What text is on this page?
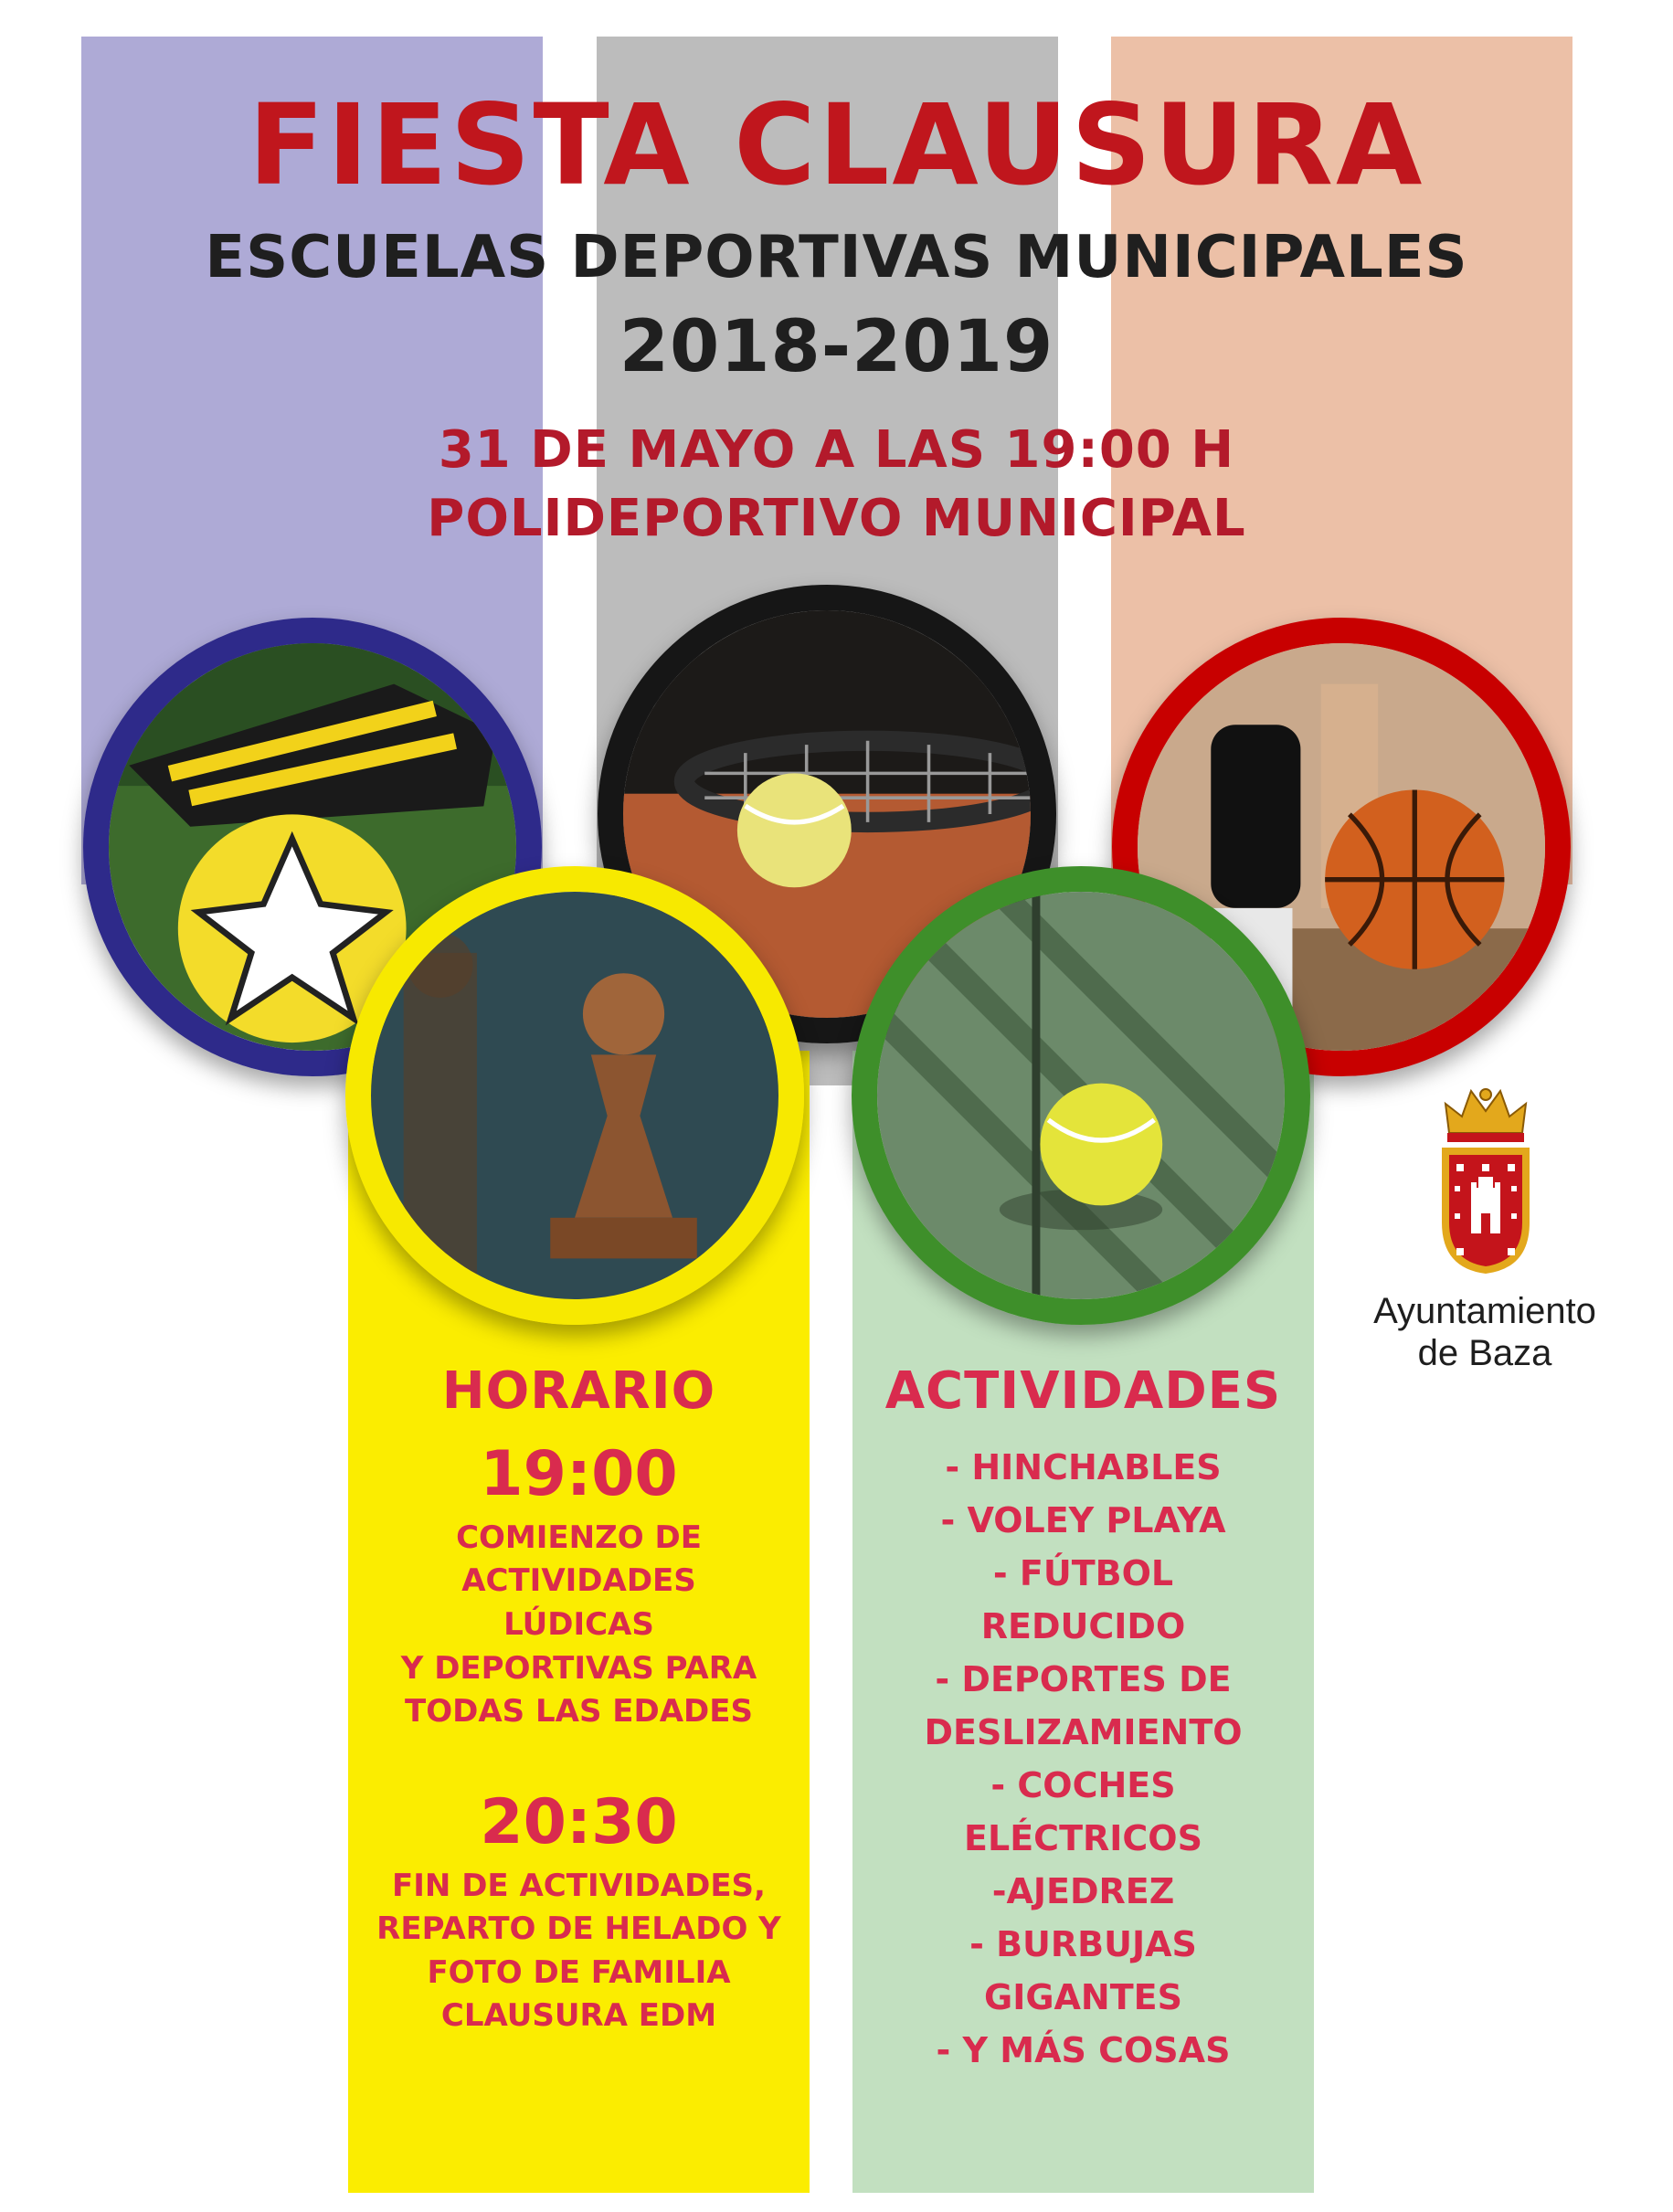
FIESTA CLAUSURA
ESCUELAS DEPORTIVAS MUNICIPALES
2018-2019
31 DE MAYO A LAS 19:00 H
POLIDEPORTIVO MUNICIPAL

HORARIO

19:00

COMIENZO DE ACTIVIDADES
LÚDICAS
Y DEPORTIVAS PARA
TODAS LAS EDADES

20:30

FIN DE ACTIVIDADES,
REPARTO DE HELADO Y
FOTO DE FAMILIA
CLAUSURA EDM

ACTIVIDADES

- HINCHABLES
- VOLEY PLAYA
- FÚTBOL
REDUCIDO
- DEPORTES DE
DESLIZAMIENTO
- COCHES
ELÉCTRICOS
-AJEDREZ
- BURBUJAS
GIGANTES
- Y MÁS COSAS
Ayuntamiento
de Baza
